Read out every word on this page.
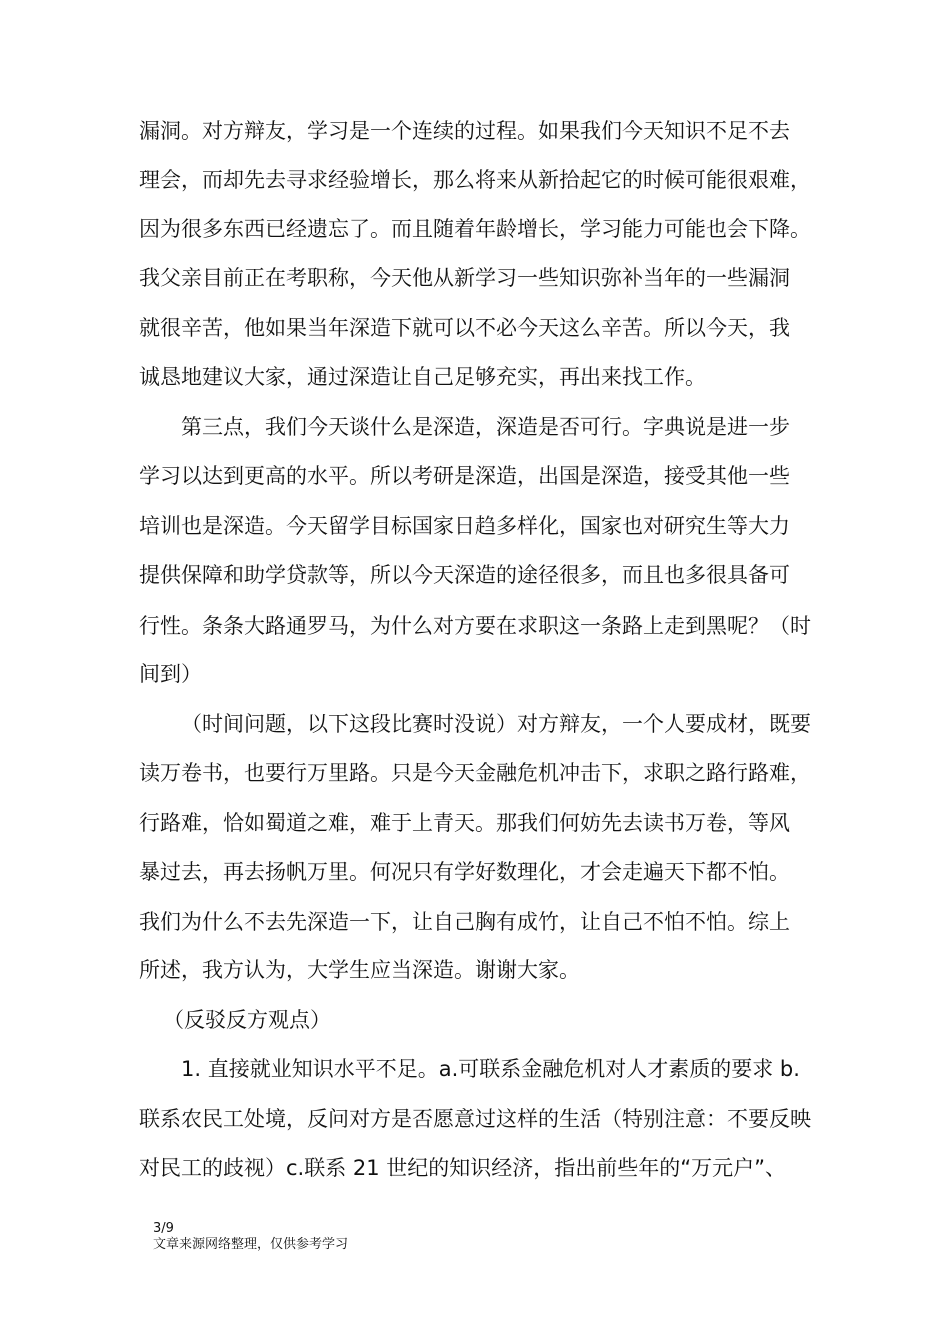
漏洞。对方辩友，学习是一个连续的过程。如果我们今天知识不足不去
理会，而却先去寻求经验增长，那么将来从新拾起它的时候可能很艰难，
因为很多东西已经遗忘了。而且随着年龄增长，学习能力可能也会下降。
我父亲目前正在考职称，今天他从新学习一些知识弥补当年的一些漏洞
就很辛苦，他如果当年深造下就可以不必今天这么辛苦。所以今天，我
诚恳地建议大家，通过深造让自己足够充实，再出来找工作。
第三点，我们今天谈什么是深造，深造是否可行。字典说是进一步
学习以达到更高的水平。所以考研是深造，出国是深造，接受其他一些
培训也是深造。今天留学目标国家日趋多样化，国家也对研究生等大力
提供保障和助学贷款等，所以今天深造的途径很多，而且也多很具备可
行性。条条大路通罗马，为什么对方要在求职这一条路上走到黑呢？（时
间到）
（时间问题，以下这段比赛时没说）对方辩友，一个人要成材，既要
读万卷书，也要行万里路。只是今天金融危机冲击下，求职之路行路难，
行路难，恰如蜀道之难，难于上青天。那我们何妨先去读书万卷，等风
暴过去，再去扬帆万里。何况只有学好数理化，才会走遍天下都不怕。
我们为什么不去先深造一下，让自己胸有成竹，让自己不怕不怕。综上
所述，我方认为，大学生应当深造。谢谢大家。
（反驳反方观点）
1. 直接就业知识水平不足。a.可联系金融危机对人才素质的要求 b.
联系农民工处境，反问对方是否愿意过这样的生活（特别注意：不要反映
对民工的歧视）c.联系 21 世纪的知识经济，指出前些年的“万元户”、
3/9
文章来源网络整理，仅供参考学习
